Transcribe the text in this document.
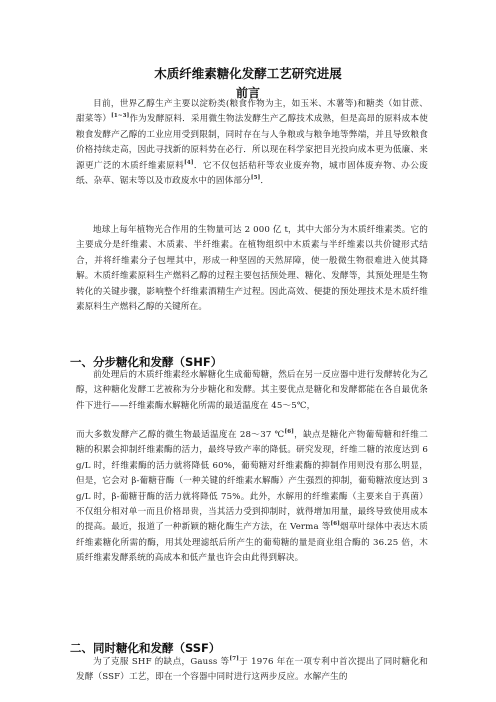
木质纤维素糖化发酵工艺研究进展
前言
目前，世界乙醇生产主要以淀粉类(粮食作物为主，如玉米、木薯等)和糖类（如甘蔗、甜菜等）[1~3]作为发酵原料．采用微生物法发酵生产乙醇技术成熟，但是高昂的原料成本使粮食发酵产乙醇的工业应用受到限制，同时存在与人争粮或与粮争地等弊端，并且导致粮食价格持续走高，因此寻找新的原料势在必行．所以现在科学家把目光投向成本更为低廉、来源更广泛的木质纤维素原料[4]．它不仅包括秸秆等农业废弃物，城市固体废弃物、办公废纸、杂草、锯末等以及市政废水中的固体部分[5]．
地球上每年植物光合作用的生物量可达 2 000 亿 t，其中大部分为木质纤维素类。它的主要成分是纤维素、木质素、半纤维素。在植物组织中木质素与半纤维素以共价键形式结合，并将纤维素分子包埋其中，形成一种坚固的天然屏障，使一般微生物很难进入使其降解。木质纤维素原料生产燃料乙醇的过程主要包括预处理、糖化、发酵等，其预处理是生物转化的关键步骤，影响整个纤维素酒精生产过程。因此高效、便捷的预处理技术是木质纤维素原料生产燃料乙醇的关键所在。
一、分步糖化和发酵（SHF）
前处理后的木质纤维素经水解糖化生成葡萄糖，然后在另一反应器中进行发酵转化为乙醇，这种糖化发酵工艺被称为分步糖化和发酵。其主要优点是糖化和发酵都能在各自最优条件下进行——纤维素酶水解糖化所需的最适温度在 45～5℃，
而大多数发酵产乙醇的微生物最适温度在 28～37 ℃[6]，缺点是糖化产物葡萄糖和纤维二糖的积累会抑制纤维素酶的活力，最终导致产率的降低。研究发现，纤维二糖的浓度达到 6 g/L 时，纤维素酶的活力就将降低 60%，葡萄糖对纤维素酶的抑制作用则没有那么明显，但是，它会对 β-葡糖苷酶（一种关键的纤维素水解酶）产生强烈的抑制，葡萄糖浓度达到 3 g/L 时，β-葡糖苷酶的活力就将降低 75%。此外，水解用的纤维素酶（主要来自于真菌）不仅组分相对单一而且价格昂贵，当其活力受到抑制时，就得增加用量，最终导致使用成本的提高。最近，报道了一种新颖的糖化酶生产方法，在 Verma 等[6]烟草叶绿体中表达木质纤维素糖化所需的酶，用其处理滤纸后所产生的葡萄糖的量是商业组合酶的 36.25 倍，木质纤维素发酵系统的高成本和低产量也许会由此得到解决。
二、同时糖化和发酵（SSF）
为了克服 SHF 的缺点，Gauss 等[7]于 1976 年在一项专利中首次提出了同时糖化和发酵（SSF）工艺，即在一个容器中同时进行这两步反应。水解产生的
